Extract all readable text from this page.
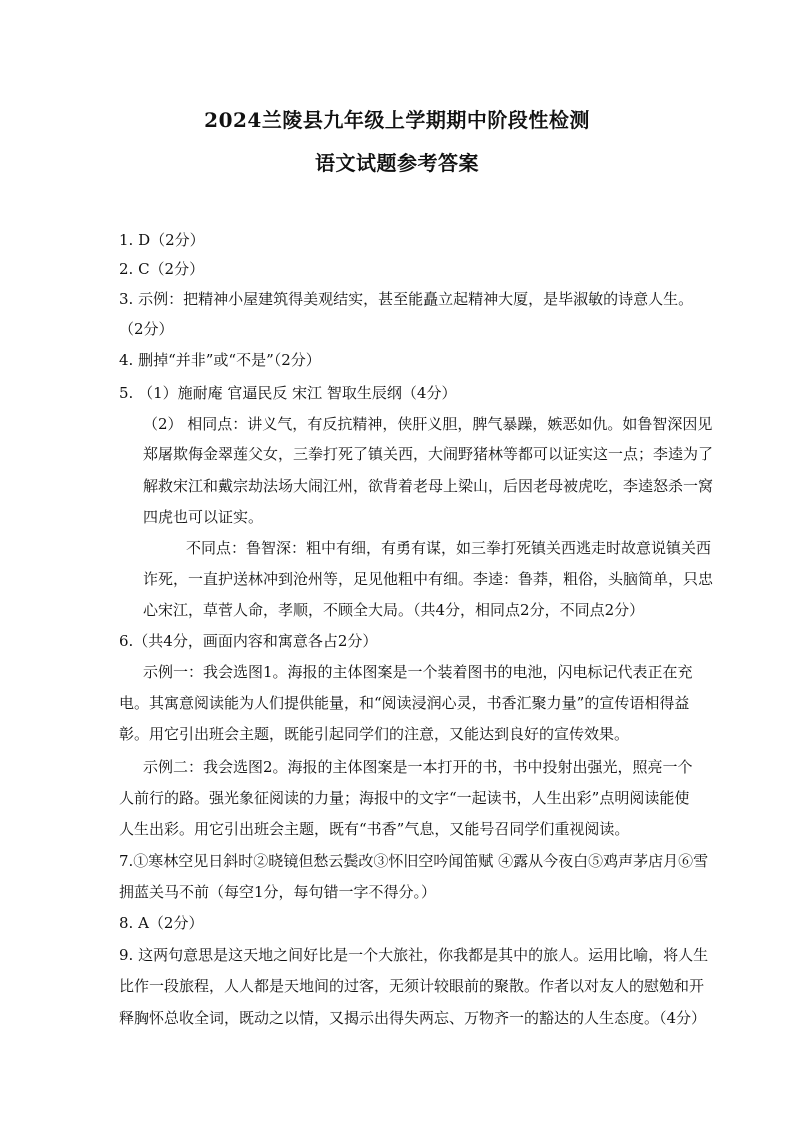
2024兰陵县九年级上学期期中阶段性检测
语文试题参考答案
1. D（2分）
2. C（2分）
3. 示例：把精神小屋建筑得美观结实，甚至能矗立起精神大厦，是毕淑敏的诗意人生。
（2分）
4. 删掉“并非”或“不是”（2分）
5. （1）施耐庵 官逼民反 宋江 智取生辰纲（4分）
（2） 相同点：讲义气，有反抗精神，侠肝义胆，脾气暴躁，嫉恶如仇。如鲁智深因见
郑屠欺侮金翠莲父女，三拳打死了镇关西，大闹野猪林等都可以证实这一点；李逵为了
解救宋江和戴宗劫法场大闹江州，欲背着老母上梁山，后因老母被虎吃，李逵怒杀一窝
四虎也可以证实。
不同点：鲁智深：粗中有细，有勇有谋，如三拳打死镇关西逃走时故意说镇关西
诈死，一直护送林冲到沧州等，足见他粗中有细。李逵：鲁莽，粗俗，头脑简单，只忠
心宋江，草菅人命，孝顺，不顾全大局。（共4分，相同点2分，不同点2分）
6.（共4分，画面内容和寓意各占2分）
示例一：我会选图1。海报的主体图案是一个装着图书的电池，闪电标记代表正在充
电。其寓意阅读能为人们提供能量，和“阅读浸润心灵，书香汇聚力量”的宣传语相得益
彰。用它引出班会主题，既能引起同学们的注意，又能达到良好的宣传效果。
示例二：我会选图2。海报的主体图案是一本打开的书，书中投射出强光，照亮一个
人前行的路。强光象征阅读的力量；海报中的文字“一起读书，人生出彩”点明阅读能使
人生出彩。用它引出班会主题，既有“书香”气息，又能号召同学们重视阅读。
7.①寒林空见日斜时②晓镜但愁云鬓改③怀旧空吟闻笛赋 ④露从今夜白⑤鸡声茅店月⑥雪
拥蓝关马不前（每空1分，每句错一字不得分。）
8. A（2分）
9. 这两句意思是这天地之间好比是一个大旅社，你我都是其中的旅人。运用比喻，将人生
比作一段旅程，人人都是天地间的过客，无须计较眼前的聚散。作者以对友人的慰勉和开
释胸怀总收全词，既动之以情，又揭示出得失两忘、万物齐一的豁达的人生态度。（4分）
